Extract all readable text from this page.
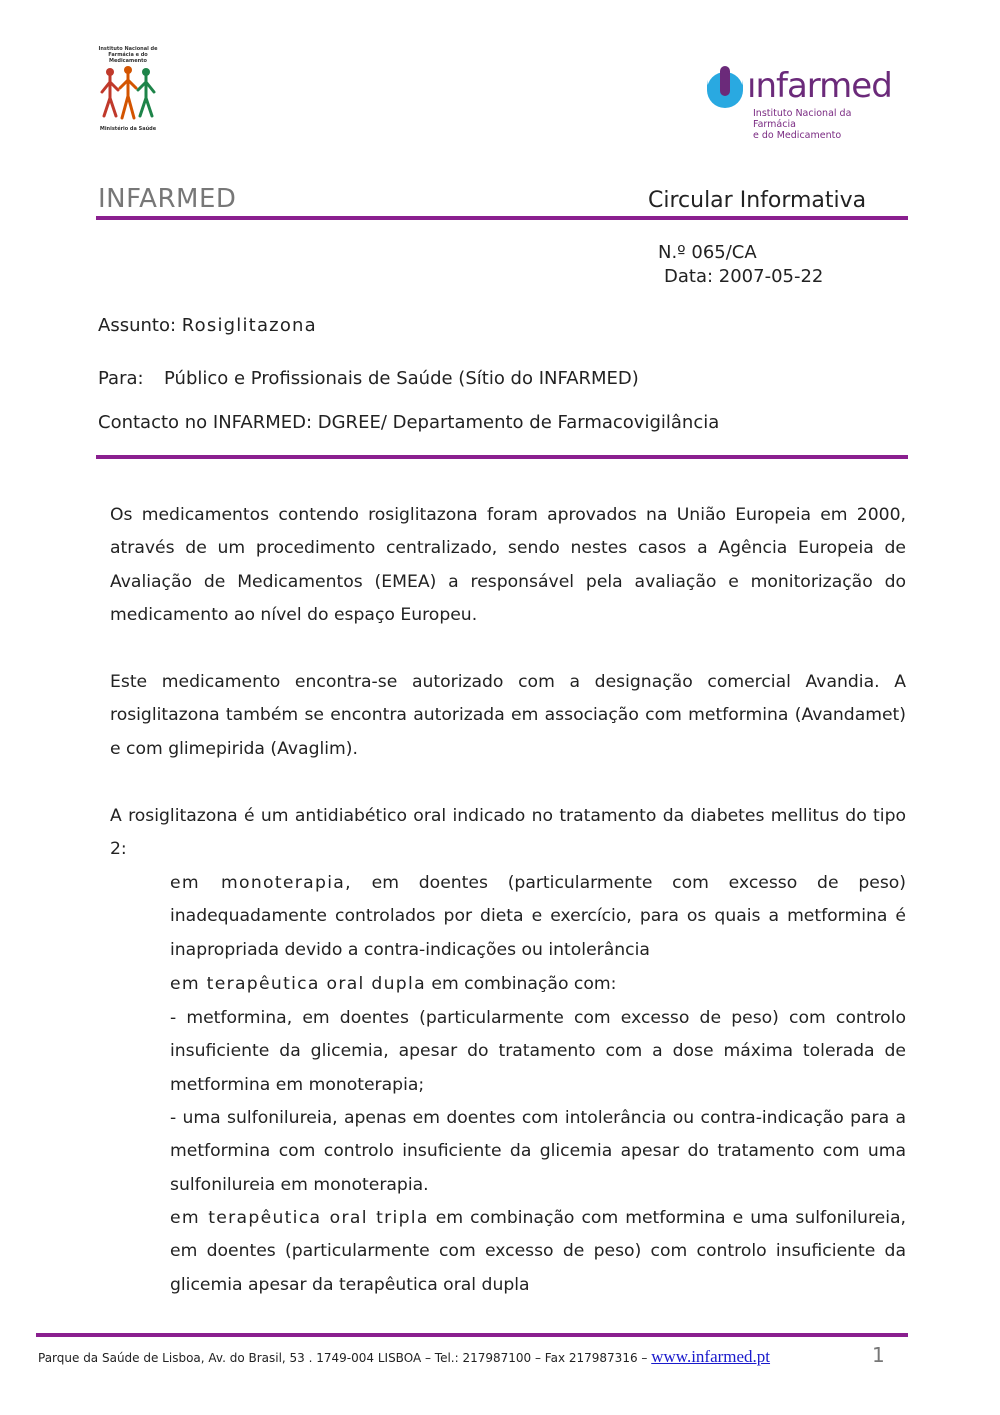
Instituto Nacional de Farmácia e do Medicamento
Ministério da Saúde
ınfarmed
Instituto Nacional da Farmácia
e do Medicamento
INFARMED	Circular Informativa
N.º 065/CA
Data: 2007-05-22
Assunto: Rosiglitazona
Para: Público e Profissionais de Saúde (Sítio do INFARMED)
Contacto no INFARMED: DGREE/ Departamento de Farmacovigilância
Os medicamentos contendo rosiglitazona foram aprovados na União Europeia em 2000, através de um procedimento centralizado, sendo nestes casos a Agência Europeia de Avaliação de Medicamentos (EMEA) a responsável pela avaliação e monitorização do medicamento ao nível do espaço Europeu.
Este medicamento encontra-se autorizado com a designação comercial Avandia. A rosiglitazona também se encontra autorizada em associação com metformina (Avandamet) e com glimepirida (Avaglim).
A rosiglitazona é um antidiabético oral indicado no tratamento da diabetes mellitus do tipo 2:
em monoterapia, em doentes (particularmente com excesso de peso) inadequadamente controlados por dieta e exercício, para os quais a metformina é inapropriada devido a contra-indicações ou intolerância
em terapêutica oral dupla em combinação com:
- metformina, em doentes (particularmente com excesso de peso) com controlo insuficiente da glicemia, apesar do tratamento com a dose máxima tolerada de metformina em monoterapia;
- uma sulfonilureia, apenas em doentes com intolerância ou contra-indicação para a metformina com controlo insuficiente da glicemia apesar do tratamento com uma sulfonilureia em monoterapia.
em terapêutica oral tripla em combinação com metformina e uma sulfonilureia, em doentes (particularmente com excesso de peso) com controlo insuficiente da glicemia apesar da terapêutica oral dupla
Parque da Saúde de Lisboa, Av. do Brasil, 53 . 1749-004 LISBOA – Tel.: 217987100 – Fax 217987316 – www.infarmed.pt	1
